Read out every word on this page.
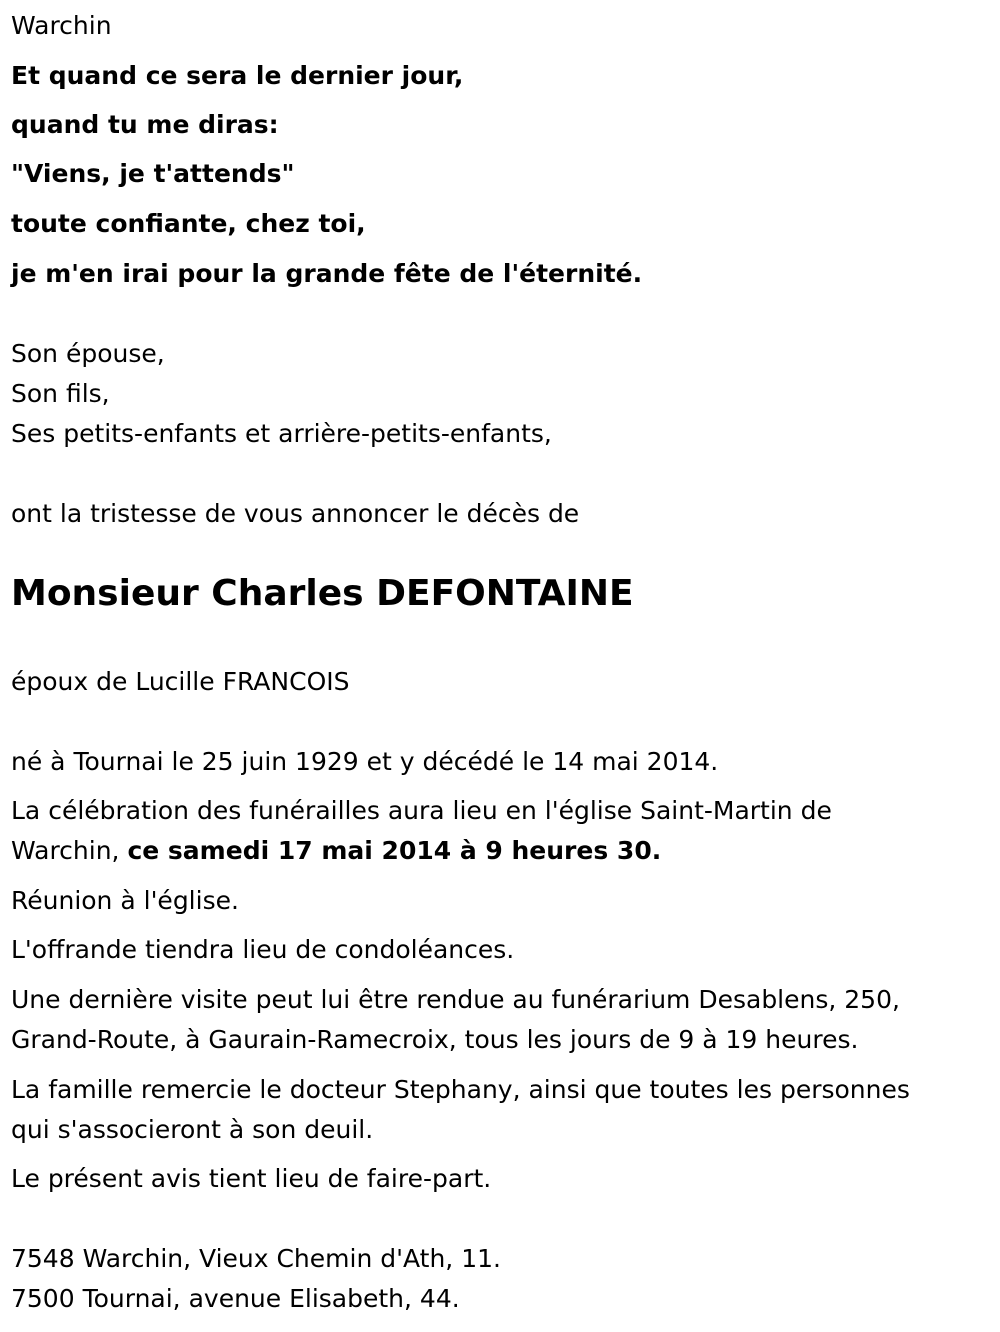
Warchin

Et quand ce sera le dernier jour,

quand tu me diras:

"Viens, je t'attends"

toute confiante, chez toi,

je m'en irai pour la grande fête de l'éternité.

Son épouse,

Son fils,

Ses petits-enfants et arrière-petits-enfants,

ont la tristesse de vous annoncer le décès de

Monsieur Charles DEFONTAINE

époux de Lucille FRANCOIS

né à Tournai le 25 juin 1929 et y décédé le 14 mai 2014.

La célébration des funérailles aura lieu en l'église Saint-Martin de

Warchin, ce samedi 17 mai 2014 à 9 heures 30.

Réunion à l'église.

L'offrande tiendra lieu de condoléances.

Une dernière visite peut lui être rendue au funérarium Desablens, 250,

Grand-Route, à Gaurain-Ramecroix, tous les jours de 9 à 19 heures.

La famille remercie le docteur Stephany, ainsi que toutes les personnes

qui s'associeront à son deuil.

Le présent avis tient lieu de faire-part.

7548 Warchin, Vieux Chemin d'Ath, 11.

7500 Tournai, avenue Elisabeth, 44.
